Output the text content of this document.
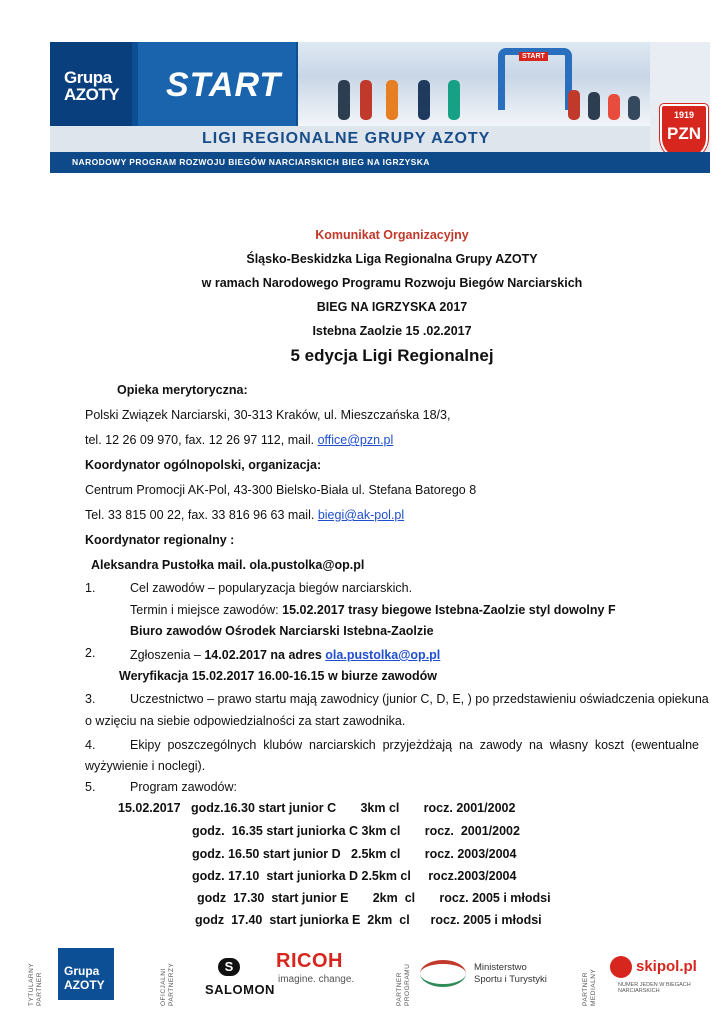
Grupa
AZOTY START
START
1919
PZN
LIGI REGIONALNE GRUPY AZOTY
NARODOWY PROGRAM ROZWOJU BIEGÓW NARCIARSKICH BIEG NA IGRZYSKA
Komunikat Organizacyjny
Śląsko-Beskidzka Liga Regionalna Grupy AZOTY
w ramach Narodowego Programu Rozwoju Biegów Narciarskich
BIEG NA IGRZYSKA 2017
Istebna Zaolzie 15 .02.2017
5 edycja Ligi Regionalnej
Opieka merytoryczna:
Polski Związek Narciarski, 30-313 Kraków, ul. Mieszczańska 18/3,
tel. 12 26 09 970, fax. 12 26 97 112, mail. office@pzn.pl
Koordynator ogólnopolski, organizacja:
Centrum Promocji AK-Pol, 43-300 Bielsko-Biała ul. Stefana Batorego 8
Tel. 33 815 00 22, fax. 33 816 96 63 mail. biegi@ak-pol.pl
Koordynator regionalny :
Aleksandra Pustołka mail. ola.pustolka@op.pl
1.	Cel zawodów – popularyzacja biegów narciarskich.
Termin i miejsce zawodów: 15.02.2017 trasy biegowe Istebna-Zaolzie styl dowolny F
Biuro zawodów Ośrodek Narciarski Istebna-Zaolzie
2.	Zgłoszenia – 14.02.2017 na adres ola.pustolka@op.pl
Weryfikacja 15.02.2017 16.00-16.15 w biurze zawodów
3.	Uczestnictwo – prawo startu mają zawodnicy (junior C, D, E, ) po przedstawieniu oświadczenia opiekuna
o wzięciu na siebie odpowiedzialności za start zawodnika.
4.	Ekipy poszczególnych klubów narciarskich przyjeżdżają na zawody na własny koszt (ewentualne
wyżywienie i noclegi).
5.	Program zawodów:
15.02.2017   godz.16.30 start junior C       3km cl       rocz. 2001/2002
godz.  16.35 start juniorka C 3km cl       rocz.  2001/2002
godz. 16.50 start junior D   2.5km cl       rocz. 2003/2004
godz. 17.10  start juniorka D 2.5km cl     rocz.2003/2004
godz  17.30  start junior E       2km  cl       rocz. 2005 i młodsi
godz  17.40  start juniorka E  2km  cl      rocz. 2005 i młodsi
TYTULARNY PARTNER
Grupa
AZOTY	OFICJALNI PARTNERZY	S
SALOMON
RICOH
imagine. change.	PARTNER PROGRAMU	Ministerstwo
Sportu i Turystyki	PARTNER MEDIALNY
skipol.pl
NUMER JEDEN W BIEGACH NARCIARSKICH
